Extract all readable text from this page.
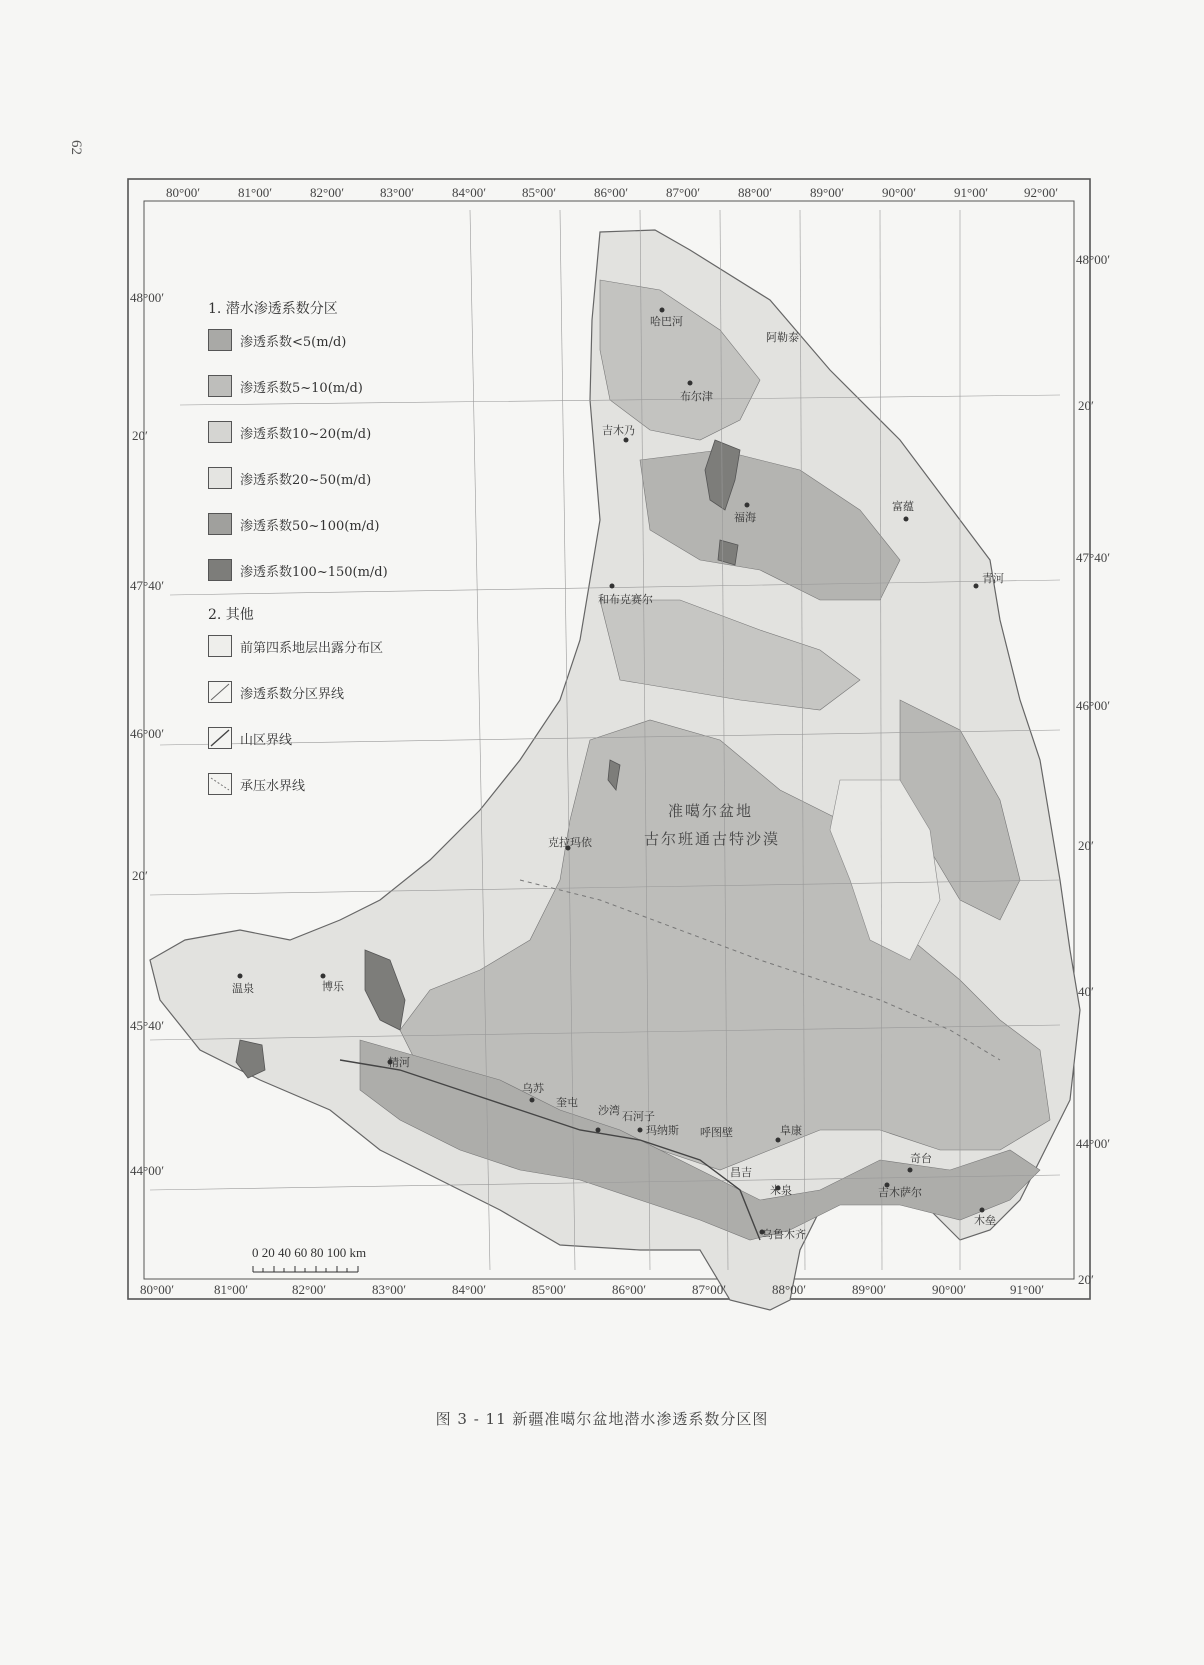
62
80°00′	81°00′	82°00′	83°00′	84°00′	85°00′	86°00′	87°00′	88°00′	89°00′	90°00′	91°00′	92°00′
80°00′	81°00′	82°00′	83°00′	84°00′	85°00′	86°00′	87°00′	88°00′	89°00′	90°00′	91°00′
48°00′
20′
47°40′
46°00′
20′
45°40′
44°00′
48°00′
20′
47°40′
46°00′
20′
40′
44°00′
20′
哈巴河
阿勒泰
布尔津
吉木乃
福海
富蕴
青河
和布克赛尔
克拉玛依
温泉	博乐
精河
乌苏
奎屯
沙湾 石河子
玛纳斯 呼图壁
昌吉
阜康
米泉
乌鲁木齐
奇台
吉木萨尔
木垒
准噶尔盆地
古尔班通古特沙漠
1. 潜水渗透系数分区
渗透系数<5(m/d)
渗透系数5~10(m/d)
渗透系数10~20(m/d)
渗透系数20~50(m/d)
渗透系数50~100(m/d)
渗透系数100~150(m/d)
2. 其他
前第四系地层出露分布区
渗透系数分区界线
山区界线
承压水界线
0 20 40 60 80 100 km
图 3 - 11 新疆准噶尔盆地潜水渗透系数分区图
